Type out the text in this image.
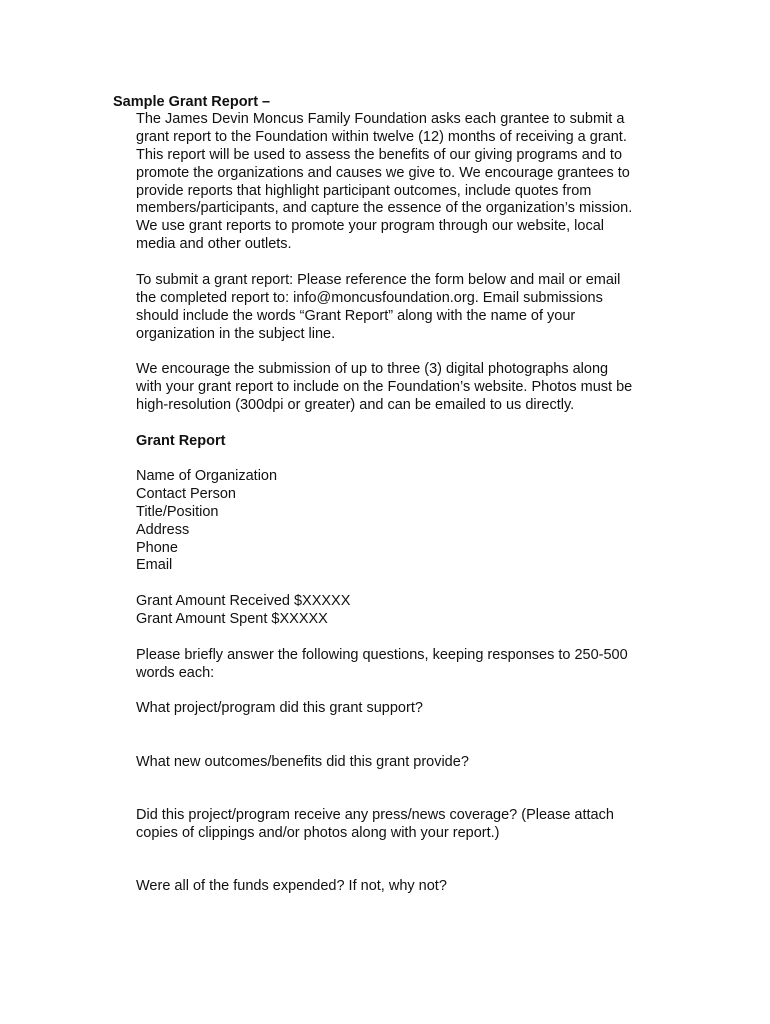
Sample Grant Report –

The James Devin Moncus Family Foundation asks each grantee to submit a
grant report to the Foundation within twelve (12) months of receiving a grant.
This report will be used to assess the benefits of our giving programs and to
promote the organizations and causes we give to. We encourage grantees to
provide reports that highlight participant outcomes, include quotes from
members/participants, and capture the essence of the organization’s mission.
We use grant reports to promote your program through our website, local
media and other outlets.

To submit a grant report: Please reference the form below and mail or email
the completed report to: info@moncusfoundation.org. Email submissions
should include the words “Grant Report” along with the name of your
organization in the subject line.

We encourage the submission of up to three (3) digital photographs along
with your grant report to include on the Foundation’s website. Photos must be
high-resolution (300dpi or greater) and can be emailed to us directly.

Grant Report

Name of Organization
Contact Person
Title/Position
Address
Phone
Email

Grant Amount Received $XXXXX
Grant Amount Spent $XXXXX

Please briefly answer the following questions, keeping responses to 250-500
words each:

What project/program did this grant support?
What new outcomes/benefits did this grant provide?

Did this project/program receive any press/news coverage? (Please attach
copies of clippings and/or photos along with your report.)

Were all of the funds expended? If not, why not?
